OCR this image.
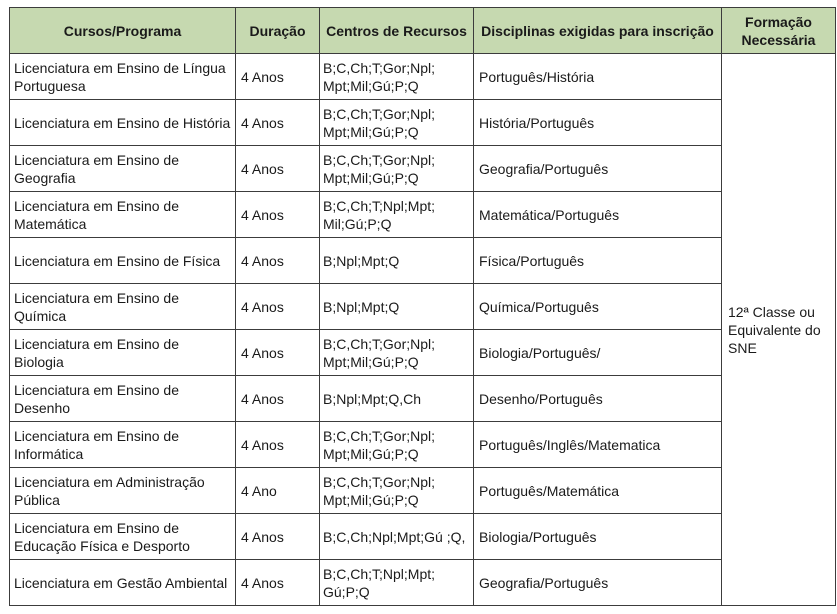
Cursos/Programa	Duração	Centros de Recursos	Disciplinas exigidas para inscrição	Formação Necessária
Licenciatura em Ensino de Língua Portuguesa	4 Anos	B;C,Ch;T;Gor;Npl; Mpt;Mil;Gú;P;Q	Português/História	12ª Classe ou Equivalente do SNE
Licenciatura em Ensino de História	4 Anos	B;C,Ch;T;Gor;Npl; Mpt;Mil;Gú;P;Q	História/Português	
Licenciatura em Ensino de Geografia	4 Anos	B;C,Ch;T;Gor;Npl; Mpt;Mil;Gú;P;Q	Geografia/Português	
Licenciatura em Ensino de Matemática	4 Anos	B;C,Ch;T;Npl;Mpt; Mil;Gú;P;Q	Matemática/Português	
Licenciatura em Ensino de Física	4 Anos	B;Npl;Mpt;Q	Física/Português	
Licenciatura em Ensino de Química	4 Anos	B;Npl;Mpt;Q	Química/Português	
Licenciatura em Ensino de Biologia	4 Anos	B;C,Ch;T;Gor;Npl; Mpt;Mil;Gú;P;Q	Biologia/Português/	
Licenciatura em Ensino de Desenho	4 Anos	B;Npl;Mpt;Q,Ch	Desenho/Português	
Licenciatura em Ensino de Informática	4 Anos	B;C,Ch;T;Gor;Npl; Mpt;Mil;Gú;P;Q	Português/Inglês/Matematica	
Licenciatura em Administração Pública	4 Ano	B;C,Ch;T;Gor;Npl; Mpt;Mil;Gú;P;Q	Português/Matemática	
Licenciatura em Ensino de Educação Física e Desporto	4 Anos	B;C,Ch;Npl;Mpt;Gú ;Q,	Biologia/Português	
Licenciatura em Gestão Ambiental	4 Anos	B;C,Ch;T;Npl;Mpt; Gú;P;Q	Geografia/Português	
